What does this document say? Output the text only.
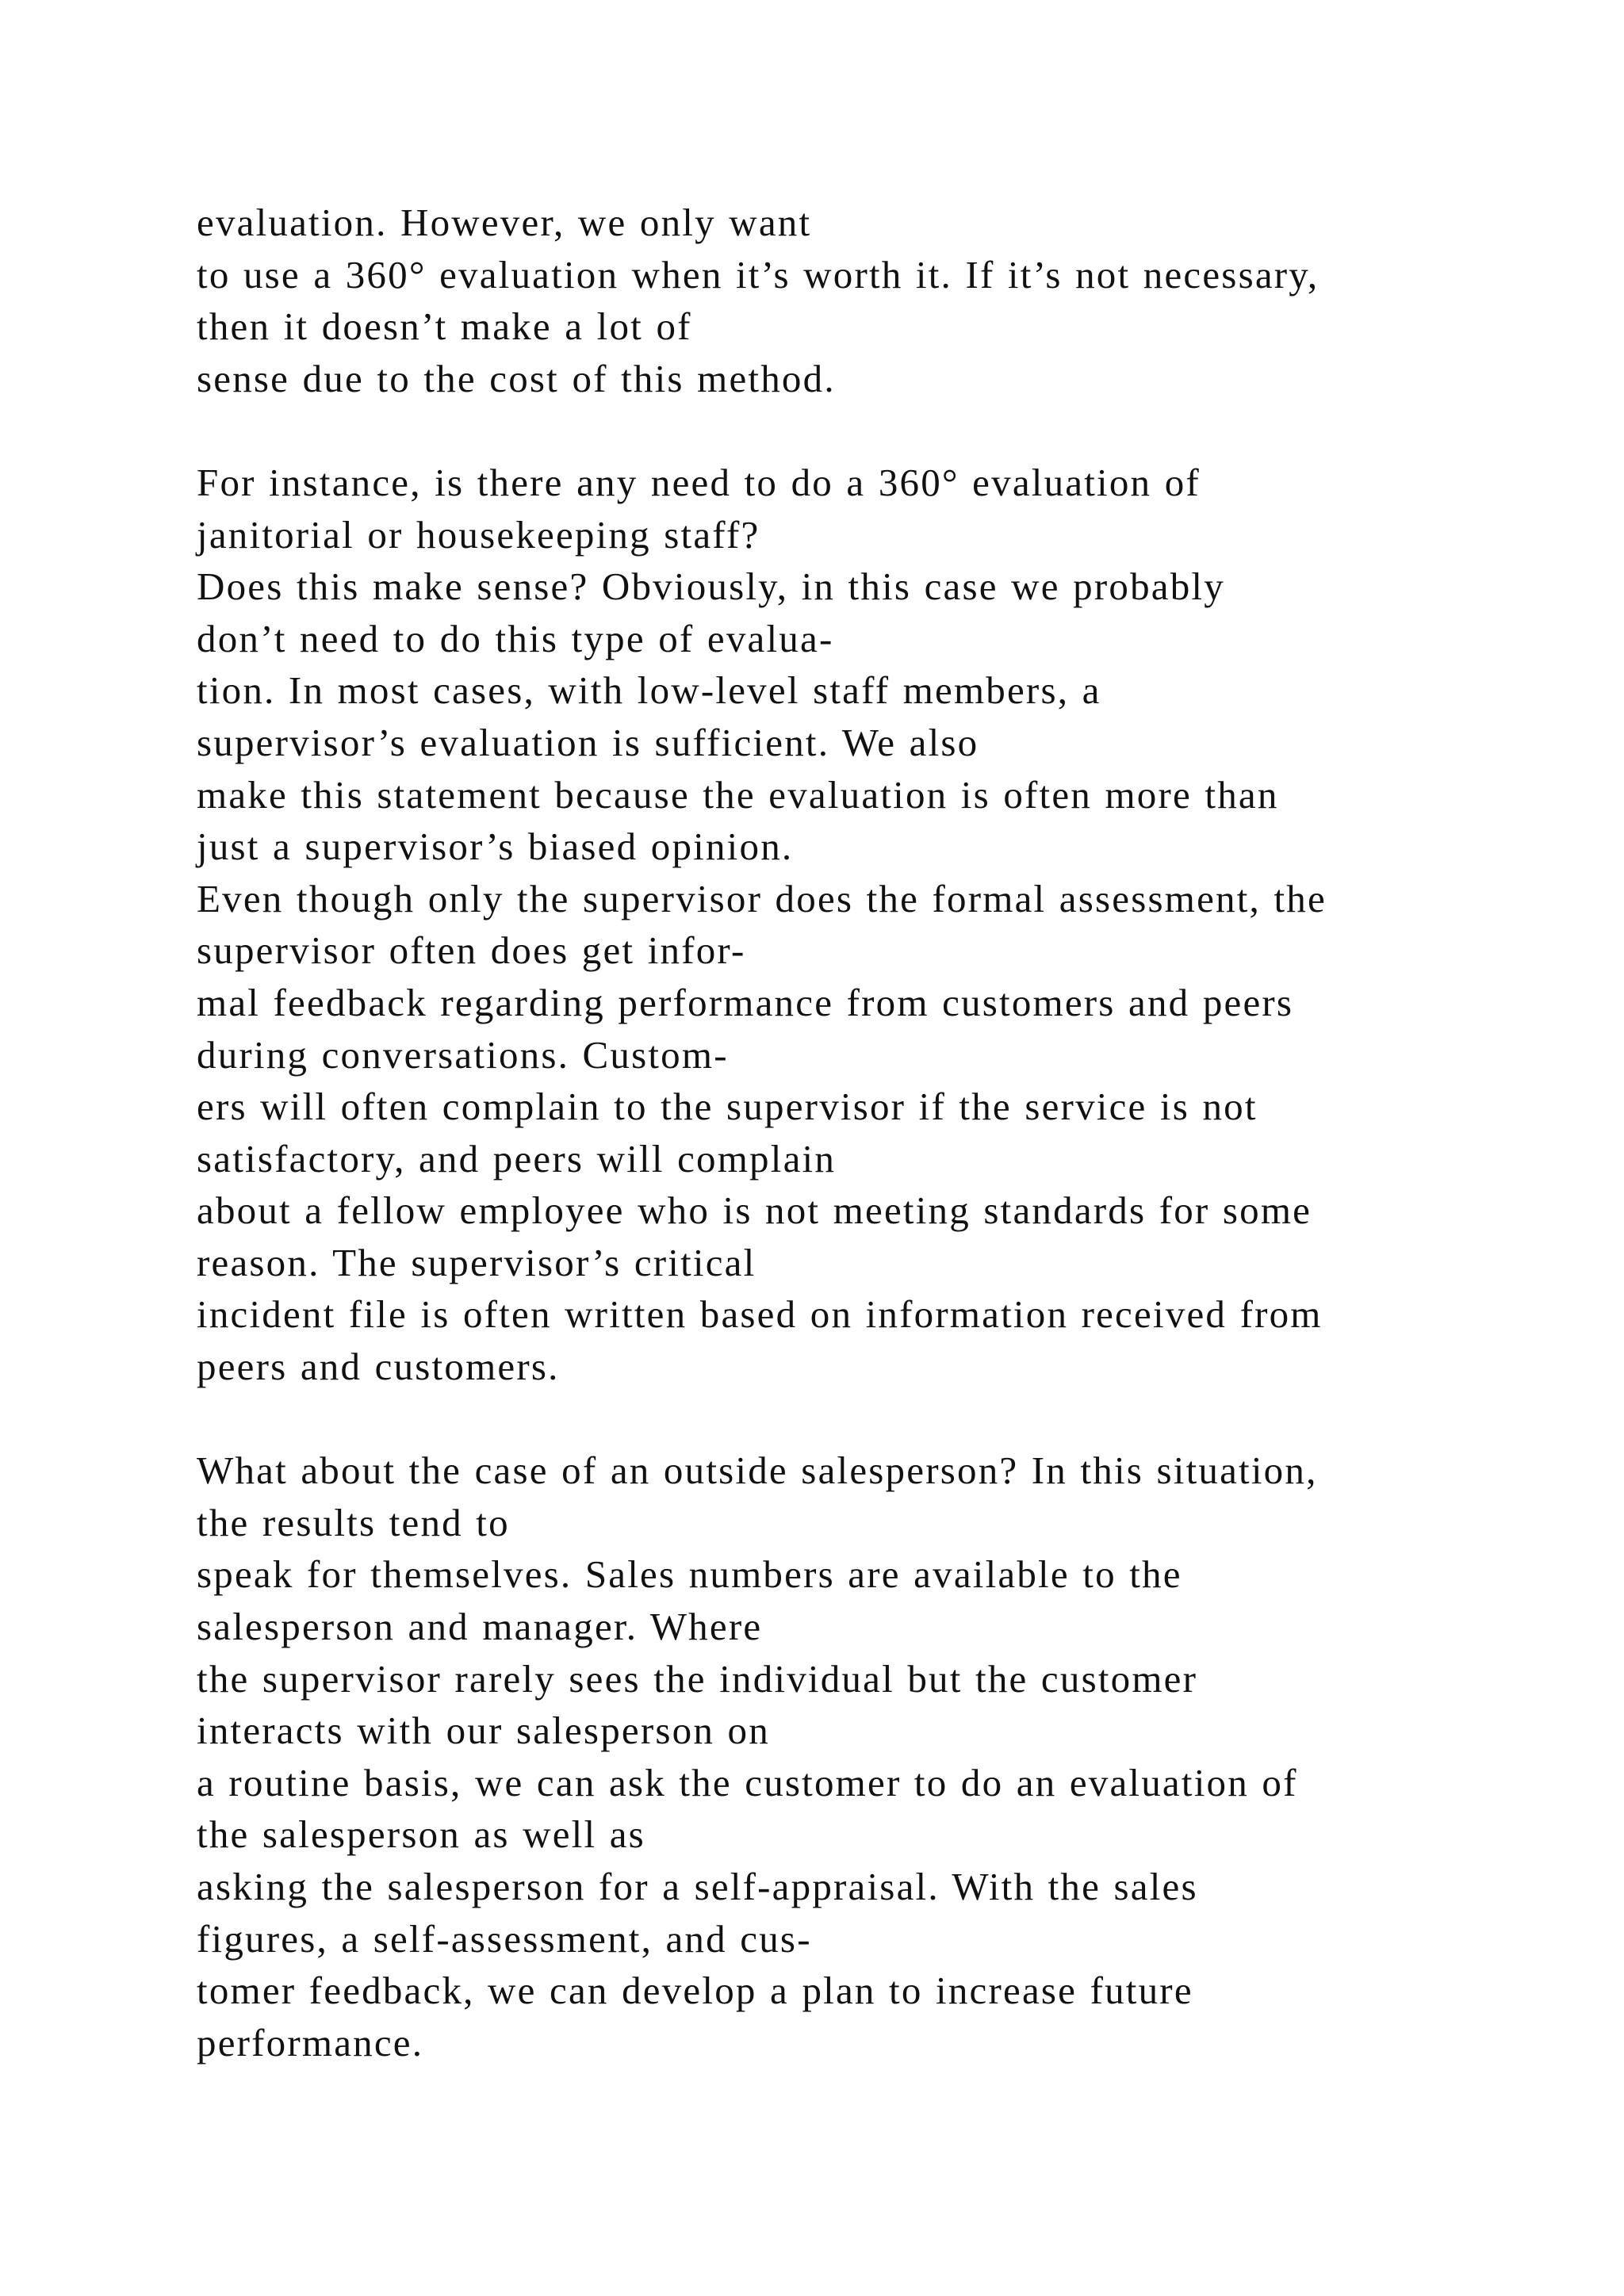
evaluation. However, we only want
to use a 360° evaluation when it’s worth it. If it’s not necessary,
then it doesn’t make a lot of
sense due to the cost of this method.

For instance, is there any need to do a 360° evaluation of
janitorial or housekeeping staff?
Does this make sense? Obviously, in this case we probably
don’t need to do this type of evalua-
tion. In most cases, with low-level staff members, a
supervisor’s evaluation is sufficient. We also
make this statement because the evaluation is often more than
just a supervisor’s biased opinion.
Even though only the supervisor does the formal assessment, the
supervisor often does get infor-
mal feedback regarding performance from customers and peers
during conversations. Custom-
ers will often complain to the supervisor if the service is not
satisfactory, and peers will complain
about a fellow employee who is not meeting standards for some
reason. The supervisor’s critical
incident file is often written based on information received from
peers and customers.

What about the case of an outside salesperson? In this situation,
the results tend to
speak for themselves. Sales numbers are available to the
salesperson and manager. Where
the supervisor rarely sees the individual but the customer
interacts with our salesperson on
a routine basis, we can ask the customer to do an evaluation of
the salesperson as well as
asking the salesperson for a self-appraisal. With the sales
figures, a self-assessment, and cus-
tomer feedback, we can develop a plan to increase future
performance.
